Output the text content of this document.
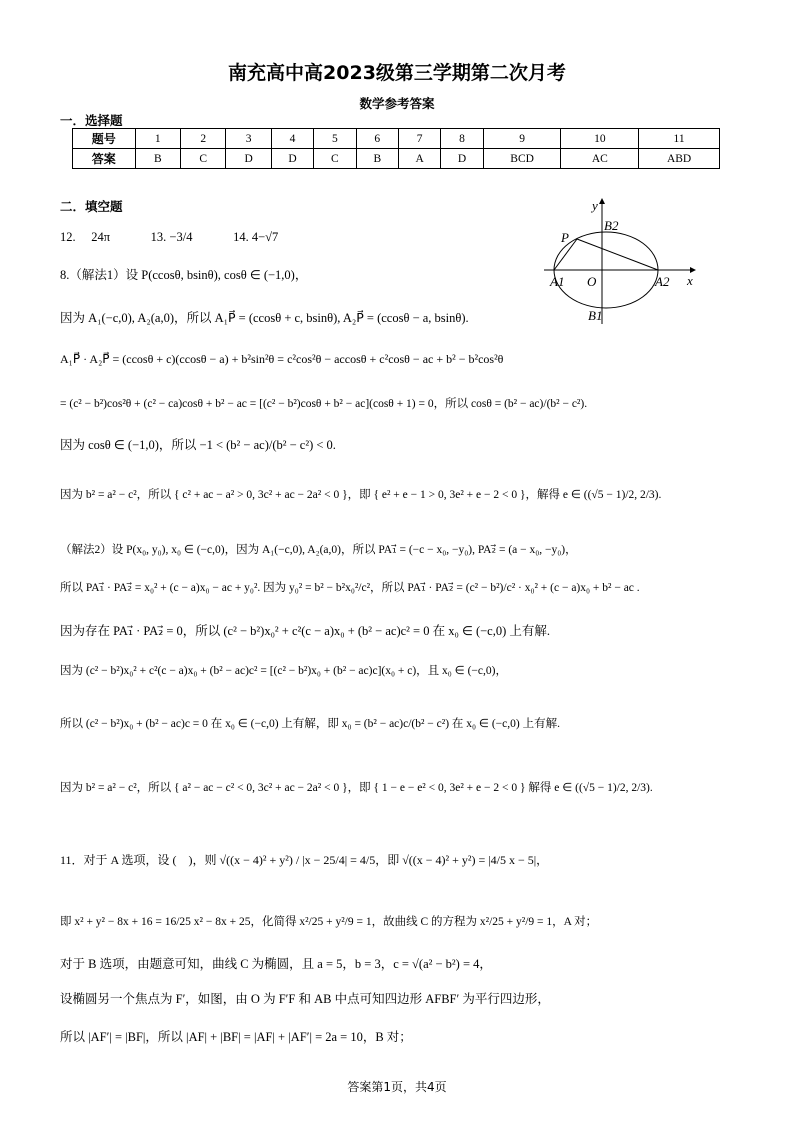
南充高中高2023级第三学期第二次月考
数学参考答案
一．选择题
题号	1	2	3	4	5	6	7	8	9	10	11
答案	B	C	D	D	C	B	A	D	BCD	AC	ABD
二．填空题
12.　 24π　　　 13. −3/4　　　 14. 4−√7
y
B2
P
A1 O	A2 x
B1
8.（解法1）设 P(ccosθ, bsinθ), cosθ ∈ (−1,0)，
因为 A₁(−c,0), A₂(a,0)，所以 A₁P⃗ = (ccosθ + c, bsinθ), A₂P⃗ = (ccosθ − a, bsinθ).
A₁P⃗ · A₂P⃗ = (ccosθ + c)(ccosθ − a) + b²sin²θ = c²cos²θ − accosθ + c²cosθ − ac + b² − b²cos²θ
= (c² − b²)cos²θ + (c² − ca)cosθ + b² − ac = [(c² − b²)cosθ + b² − ac](cosθ + 1) = 0，所以 cosθ = (b² − ac)/(b² − c²).
因为 cosθ ∈ (−1,0)，所以 −1 < (b² − ac)/(b² − c²) < 0.
因为 b² = a² − c²，所以 { c² + ac − a² > 0, 3c² + ac − 2a² < 0 }，即 { e² + e − 1 > 0, 3e² + e − 2 < 0 }，解得 e ∈ ((√5 − 1)/2, 2/3).
（解法2）设 P(x₀, y₀), x₀ ∈ (−c,0)，因为 A₁(−c,0), A₂(a,0)，所以 PA₁⃗ = (−c − x₀, −y₀), PA₂⃗ = (a − x₀, −y₀)，
所以 PA₁⃗ · PA₂⃗ = x₀² + (c − a)x₀ − ac + y₀². 因为 y₀² = b² − b²x₀²/c²，所以 PA₁⃗ · PA₂⃗ = (c² − b²)/c² · x₀² + (c − a)x₀ + b² − ac .
因为存在 PA₁⃗ · PA₂⃗ = 0，所以 (c² − b²)x₀² + c²(c − a)x₀ + (b² − ac)c² = 0 在 x₀ ∈ (−c,0) 上有解.
因为 (c² − b²)x₀² + c²(c − a)x₀ + (b² − ac)c² = [(c² − b²)x₀ + (b² − ac)c](x₀ + c)，且 x₀ ∈ (−c,0)，
所以 (c² − b²)x₀ + (b² − ac)c = 0 在 x₀ ∈ (−c,0) 上有解，即 x₀ = (b² − ac)c/(b² − c²) 在 x₀ ∈ (−c,0) 上有解.
因为 b² = a² − c²，所以 { a² − ac − c² < 0, 3c² + ac − 2a² < 0 }，即 { 1 − e − e² < 0, 3e² + e − 2 < 0 } 解得 e ∈ ((√5 − 1)/2, 2/3).
11．对于 A 选项，设 (　)，则 √((x − 4)² + y²) / |x − 25/4| = 4/5，即 √((x − 4)² + y²) = |4/5 x − 5|，
即 x² + y² − 8x + 16 = 16/25 x² − 8x + 25，化简得 x²/25 + y²/9 = 1，故曲线 C 的方程为 x²/25 + y²/9 = 1，A 对；
对于 B 选项，由题意可知，曲线 C 为椭圆，且 a = 5，b = 3，c = √(a² − b²) = 4，
设椭圆另一个焦点为 F′，如图，由 O 为 F′F 和 AB 中点可知四边形 AFBF′ 为平行四边形，
所以 |AF′| = |BF|，所以 |AF| + |BF| = |AF| + |AF′| = 2a = 10，B 对；
答案第1页，共4页
